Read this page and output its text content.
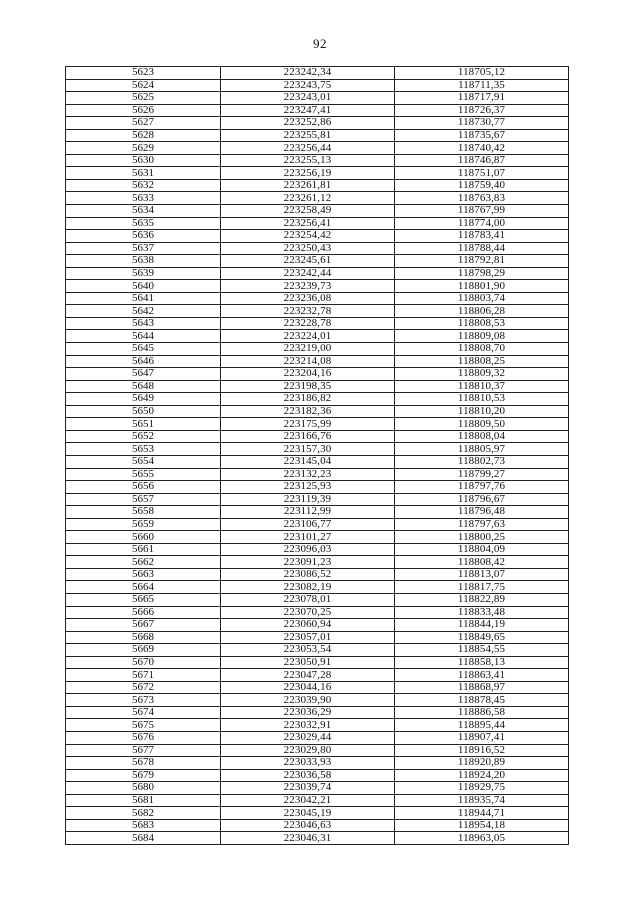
92
5623	223242,34	118705,12
5624	223243,75	118711,35
5625	223243,01	118717,91
5626	223247,41	118726,37
5627	223252,86	118730,77
5628	223255,81	118735,67
5629	223256,44	118740,42
5630	223255,13	118746,87
5631	223256,19	118751,07
5632	223261,81	118759,40
5633	223261,12	118763,83
5634	223258,49	118767,99
5635	223256,41	118774,00
5636	223254,42	118783,41
5637	223250,43	118788,44
5638	223245,61	118792,81
5639	223242,44	118798,29
5640	223239,73	118801,90
5641	223236,08	118803,74
5642	223232,78	118806,28
5643	223228,78	118808,53
5644	223224,01	118809,08
5645	223219,00	118808,70
5646	223214,08	118808,25
5647	223204,16	118809,32
5648	223198,35	118810,37
5649	223186,82	118810,53
5650	223182,36	118810,20
5651	223175,99	118809,50
5652	223166,76	118808,04
5653	223157,30	118805,97
5654	223145,04	118802,73
5655	223132,23	118799,27
5656	223125,93	118797,76
5657	223119,39	118796,67
5658	223112,99	118796,48
5659	223106,77	118797,63
5660	223101,27	118800,25
5661	223096,03	118804,09
5662	223091,23	118808,42
5663	223086,52	118813,07
5664	223082,19	118817,75
5665	223078,01	118822,89
5666	223070,25	118833,48
5667	223060,94	118844,19
5668	223057,01	118849,65
5669	223053,54	118854,55
5670	223050,91	118858,13
5671	223047,28	118863,41
5672	223044,16	118868,97
5673	223039,90	118878,45
5674	223036,29	118886,58
5675	223032,91	118895,44
5676	223029,44	118907,41
5677	223029,80	118916,52
5678	223033,93	118920,89
5679	223036,58	118924,20
5680	223039,74	118929,75
5681	223042,21	118935,74
5682	223045,19	118944,71
5683	223046,63	118954,18
5684	223046,31	118963,05
